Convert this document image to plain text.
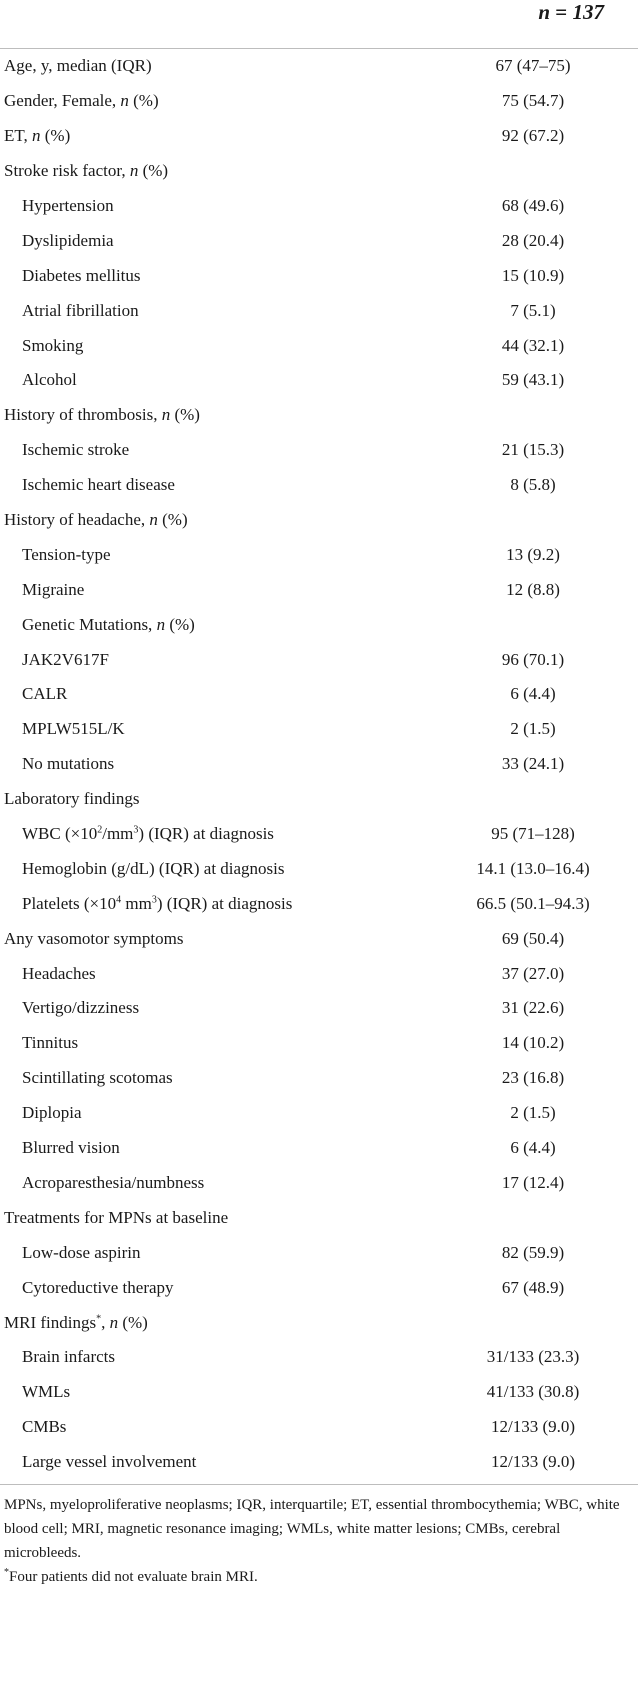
n = 137
Age, y, median (IQR)	67 (47–75)
Gender, Female, n (%)	75 (54.7)
ET, n (%)	92 (67.2)
Stroke risk factor, n (%)	
Hypertension	68 (49.6)
Dyslipidemia	28 (20.4)
Diabetes mellitus	15 (10.9)
Atrial fibrillation	7 (5.1)
Smoking	44 (32.1)
Alcohol	59 (43.1)
History of thrombosis, n (%)	
Ischemic stroke	21 (15.3)
Ischemic heart disease	8 (5.8)
History of headache, n (%)	
Tension-type	13 (9.2)
Migraine	12 (8.8)
Genetic Mutations, n (%)	
JAK2V617F	96 (70.1)
CALR	6 (4.4)
MPLW515L/K	2 (1.5)
No mutations	33 (24.1)
Laboratory findings	
WBC $(\times 10^2/mm^3)$ (IQR) at diagnosis	95 (71–128)
Hemoglobin (g/dL) (IQR) at diagnosis	14.1 (13.0–16.4)
Platelets ($\times 10^4$ $mm^3$) (IQR) at diagnosis	66.5 (50.1–94.3)
Any vasomotor symptoms	69 (50.4)
Headaches	37 (27.0)
Vertigo/dizziness	31 (22.6)
Tinnitus	14 (10.2)
Scintillating scotomas	23 (16.8)
Diplopia	2 (1.5)
Blurred vision	6 (4.4)
Acroparesthesia/numbness	17 (12.4)
Treatments for MPNs at baseline	
Low-dose aspirin	82 (59.9)
Cytoreductive therapy	67 (48.9)
MRI findings*, n (%)	
Brain infarcts	31/133 (23.3)
WMLs	41/133 (30.8)
CMBs	12/133 (9.0)
Large vessel involvement	12/133 (9.0)

MPNs, myeloproliferative neoplasms; IQR, interquartile; ET, essential thrombocythemia; WBC, white blood cell; MRI, magnetic resonance imaging; WMLs, white matter lesions; CMBs, cerebral microbleeds.

*Four patients did not evaluate brain MRI.
